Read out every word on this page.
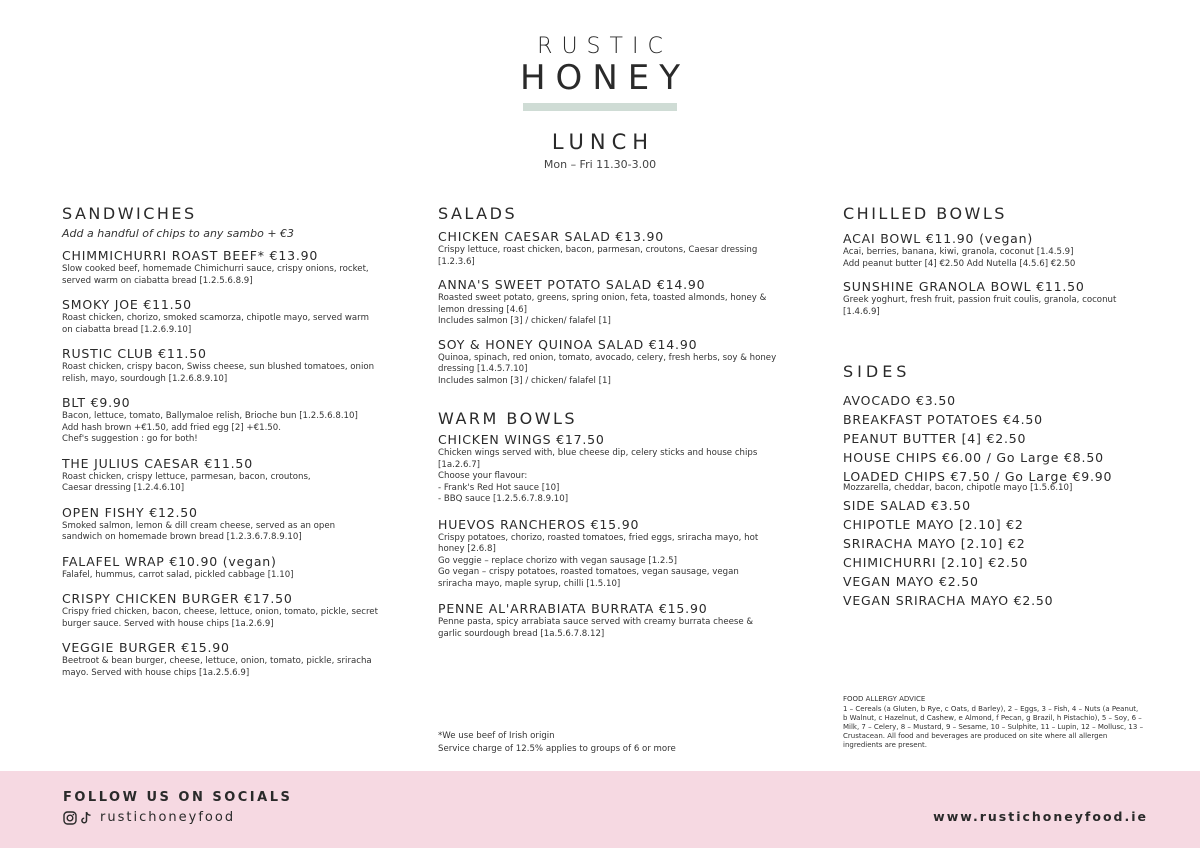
RUSTIC
HONEY
LUNCH
Mon – Fri 11.30-3.00
SANDWICHES
Add a handful of chips to any sambo + €3
CHIMMICHURRI ROAST BEEF* €13.90
Slow cooked beef, homemade Chimichurri sauce, crispy onions, rocket,
served warm on ciabatta bread [1.2.5.6.8.9]
SMOKY JOE €11.50
Roast chicken, chorizo, smoked scamorza, chipotle mayo, served warm
on ciabatta bread [1.2.6.9.10]
RUSTIC CLUB €11.50
Roast chicken, crispy bacon, Swiss cheese, sun blushed tomatoes, onion
relish, mayo, sourdough [1.2.6.8.9.10]
BLT €9.90
Bacon, lettuce, tomato, Ballymaloe relish, Brioche bun [1.2.5.6.8.10]
Add hash brown +€1.50, add fried egg [2] +€1.50.
Chef's suggestion : go for both!
THE JULIUS CAESAR €11.50
Roast chicken, crispy lettuce, parmesan, bacon, croutons,
Caesar dressing [1.2.4.6.10]
OPEN FISHY €12.50
Smoked salmon, lemon & dill cream cheese, served as an open
sandwich on homemade brown bread [1.2.3.6.7.8.9.10]
FALAFEL WRAP €10.90 (vegan)
Falafel, hummus, carrot salad, pickled cabbage [1.10]
CRISPY CHICKEN BURGER €17.50
Crispy fried chicken, bacon, cheese, lettuce, onion, tomato, pickle, secret
burger sauce. Served with house chips [1a.2.6.9]
VEGGIE BURGER €15.90
Beetroot & bean burger, cheese, lettuce, onion, tomato, pickle, sriracha
mayo. Served with house chips [1a.2.5.6.9]
SALADS
CHICKEN CAESAR SALAD €13.90
Crispy lettuce, roast chicken, bacon, parmesan, croutons, Caesar dressing
[1.2.3.6]
ANNA'S SWEET POTATO SALAD €14.90
Roasted sweet potato, greens, spring onion, feta, toasted almonds, honey &
lemon dressing [4.6]
Includes salmon [3] / chicken/ falafel [1]
SOY & HONEY QUINOA SALAD €14.90
Quinoa, spinach, red onion, tomato, avocado, celery, fresh herbs, soy & honey
dressing [1.4.5.7.10]
Includes salmon [3] / chicken/ falafel [1]
WARM BOWLS
CHICKEN WINGS €17.50
Chicken wings served with, blue cheese dip, celery sticks and house chips
[1a.2.6.7]
Choose your flavour:
- Frank's Red Hot sauce [10]
- BBQ sauce [1.2.5.6.7.8.9.10]
HUEVOS RANCHEROS €15.90
Crispy potatoes, chorizo, roasted tomatoes, fried eggs, sriracha mayo, hot
honey [2.6.8]
Go veggie – replace chorizo with vegan sausage [1.2.5]
Go vegan – crispy potatoes, roasted tomatoes, vegan sausage, vegan
sriracha mayo, maple syrup, chilli [1.5.10]
PENNE AL'ARRABIATA BURRATA €15.90
Penne pasta, spicy arrabiata sauce served with creamy burrata cheese &
garlic sourdough bread [1a.5.6.7.8.12]
*We use beef of Irish origin
Service charge of 12.5% applies to groups of 6 or more
CHILLED BOWLS
ACAI BOWL €11.90 (vegan)
Acai, berries, banana, kiwi, granola, coconut [1.4.5.9]
Add peanut butter [4] €2.50 Add Nutella [4.5.6] €2.50
SUNSHINE GRANOLA BOWL €11.50
Greek yoghurt, fresh fruit, passion fruit coulis, granola, coconut
[1.4.6.9]
SIDES
AVOCADO €3.50
BREAKFAST POTATOES €4.50
PEANUT BUTTER [4] €2.50
HOUSE CHIPS €6.00 / Go Large €8.50
LOADED CHIPS €7.50 / Go Large €9.90
Mozzarella, cheddar, bacon, chipotle mayo [1.5.6.10]
SIDE SALAD €3.50
CHIPOTLE MAYO [2.10] €2
SRIRACHA MAYO [2.10] €2
CHIMICHURRI [2.10] €2.50
VEGAN MAYO €2.50
VEGAN SRIRACHA MAYO €2.50
FOOD ALLERGY ADVICE
1 – Cereals (a Gluten, b Rye, c Oats, d Barley), 2 – Eggs, 3 – Fish, 4 – Nuts (a Peanut,
b Walnut, c Hazelnut, d Cashew, e Almond, f Pecan, g Brazil, h Pistachio), 5 – Soy, 6 –
Milk, 7 – Celery, 8 – Mustard, 9 – Sesame, 10 – Sulphite, 11 – Lupin, 12 – Mollusc, 13 –
Crustacean. All food and beverages are produced on site where all allergen
ingredients are present.
FOLLOW US ON SOCIALS
rustichoneyfood	www.rustichoneyfood.ie
